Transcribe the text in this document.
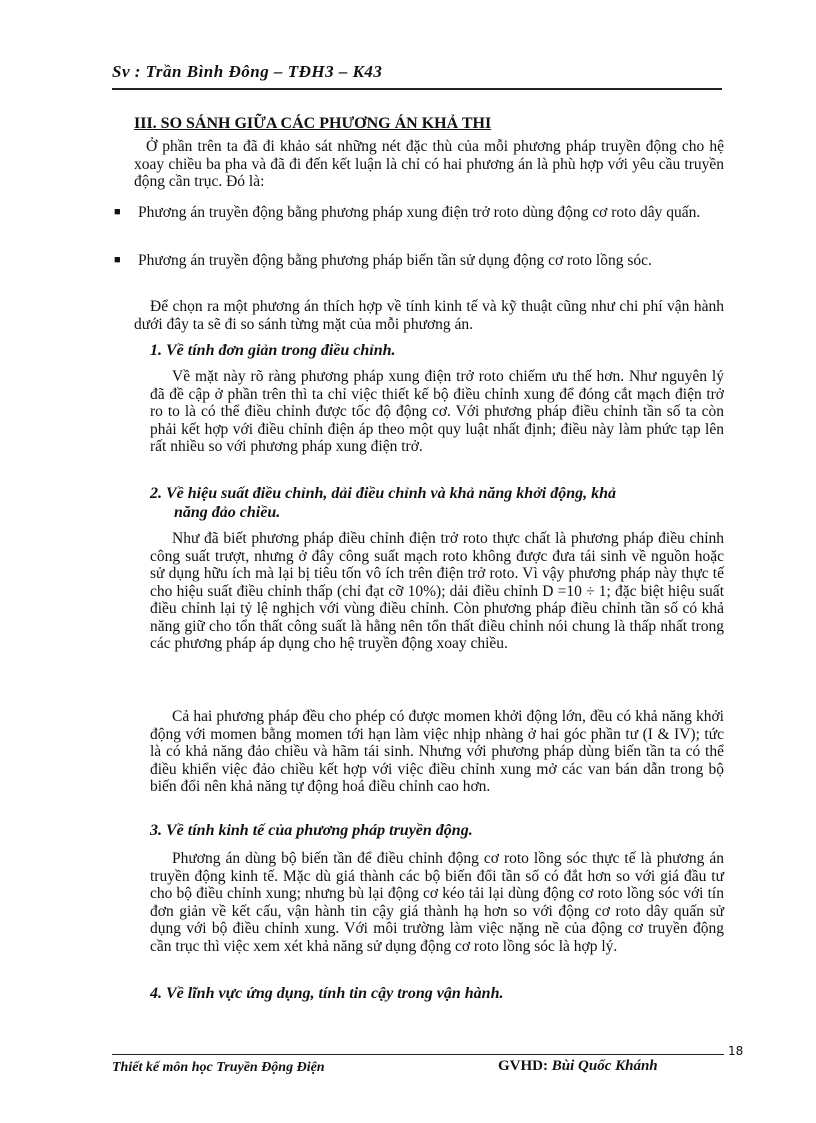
Sv : Trần Bình Đông – TĐH3 – K43
III. SO SÁNH GIỮA CÁC PHƯƠNG ÁN KHẢ THI

Ở phần trên ta đã đi khảo sát những nét đặc thù của mỗi phương pháp truyền động cho hệ xoay chiều ba pha và đã đi đến kết luận là chỉ có hai phương án là phù hợp với yêu cầu truyền động cần trục. Đó là:

■ Phương án truyền động bằng phương pháp xung điện trở roto dùng động cơ roto dây quấn.

■ Phương án truyền động bằng phương pháp biến tần sử dụng động cơ roto lồng sóc.

Để chọn ra một phương án thích hợp về tính kinh tế và kỹ thuật cũng như chi phí vận hành dưới đây ta sẽ đi so sánh từng mặt của mỗi phương án.

1. Về tính đơn giản trong điều chỉnh.

Về mặt này rõ ràng phương pháp xung điện trở roto chiếm ưu thế hơn. Như nguyên lý đã đề cập ở phần trên thì ta chỉ việc thiết kế bộ điều chỉnh xung để đóng cắt mạch điện trở ro to là có thể điều chỉnh được tốc độ động cơ. Với phương pháp điều chỉnh tần số ta còn phải kết hợp với điều chỉnh điện áp theo một quy luật nhất định; điều này làm phức tạp lên rất nhiều so với phương pháp xung điện trở.

2. Về hiệu suất điều chỉnh, dải điều chỉnh và khả năng khởi động, khả

năng đảo chiều.

Như đã biết phương pháp điều chỉnh điện trở roto thực chất là phương pháp điều chỉnh công suất trượt, nhưng ở đây công suất mạch roto không được đưa tái sinh về nguồn hoặc sử dụng hữu ích mà lại bị tiêu tốn vô ích trên điện trở roto. Vì vậy phương pháp này thực tế cho hiệu suất điều chỉnh thấp (chỉ đạt cỡ 10%); dải điều chỉnh D =10 ÷ 1; đặc biệt hiệu suất điều chỉnh lại tỷ lệ nghịch với vùng điều chỉnh. Còn phương pháp điều chỉnh tần số có khả năng giữ cho tổn thất công suất là hằng nên tổn thất điều chỉnh nói chung là thấp nhất trong các phương pháp áp dụng cho hệ truyền động xoay chiều.

Cả hai phương pháp đều cho phép có được momen khởi động lớn, đều có khả năng khởi động với momen bằng momen tới hạn làm việc nhịp nhàng ở hai góc phần tư (I & IV); tức là có khả năng đảo chiều và hãm tái sinh. Nhưng với phương pháp dùng biến tần ta có thể điều khiển việc đảo chiều kết hợp với việc điều chỉnh xung mở các van bán dẫn trong bộ biến đổi nên khả năng tự động hoá điều chỉnh cao hơn.

3. Về tính kinh tế của phương pháp truyền động.

Phương án dùng bộ biến tần để điều chỉnh động cơ roto lồng sóc thực tế là phương án truyền động kinh tế. Mặc dù giá thành các bộ biến đổi tần số có đắt hơn so với giá đầu tư cho bộ điều chỉnh xung; nhưng bù lại động cơ kéo tải lại dùng động cơ roto lồng sóc với tín đơn giản về kết cấu, vận hành tin cậy giá thành hạ hơn so với động cơ roto dây quấn sử dụng với bộ điều chỉnh xung. Với môi trường làm việc nặng nề của động cơ truyền động cần trục thì việc xem xét khả năng sử dụng động cơ roto lồng sóc là hợp lý.

4. Về lĩnh vực ứng dụng, tính tin cậy trong vận hành.

18
Thiết kế môn học Truyền Động Điện	GVHD: Bùi Quốc Khánh
